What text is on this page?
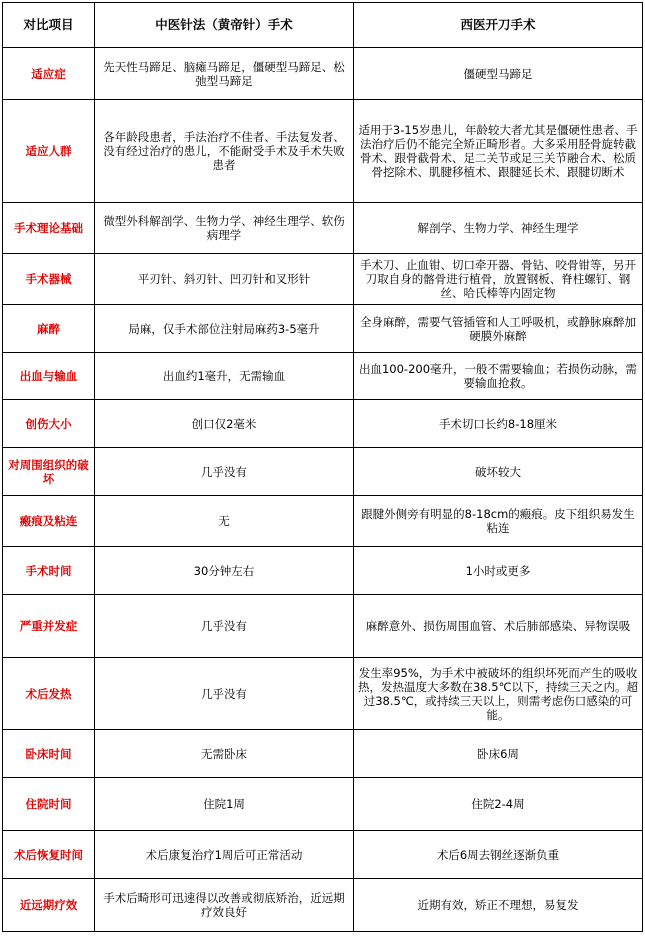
对比项目	中医针法（黄帝针）手术	西医开刀手术
适应症	先天性马蹄足、脑瘫马蹄足，僵硬型马蹄足、松弛型马蹄足	僵硬型马蹄足
适应人群	各年龄段患者，手法治疗不佳者、手法复发者、没有经过治疗的患儿，不能耐受手术及手术失败患者	适用于3-15岁患儿，年龄较大者尤其是僵硬性患者、手法治疗后仍不能完全矫正畸形者。大多采用胫骨旋转截骨术、跟骨截骨术、足二关节或足三关节融合术、松质骨挖除术、肌腱移植术、跟腱延长术、跟腱切断术
手术理论基础	微型外科解剖学、生物力学、神经生理学、软伤病理学	解剖学、生物力学、神经生理学
手术器械	平刃针、斜刃针、凹刃针和叉形针	手术刀、止血钳、切口牵开器、骨钻、咬骨钳等，另开刀取自身的髂骨进行植骨，放置钢板、脊柱螺钉、钢丝、哈氏棒等内固定物
麻醉	局麻，仅手术部位注射局麻药3-5毫升	全身麻醉，需要气管插管和人工呼吸机，或静脉麻醉加硬膜外麻醉
出血与输血	出血约1毫升，无需输血	出血100-200毫升，一般不需要输血；若损伤动脉，需要输血抢救。
创伤大小	创口仅2毫米	手术切口长约8-18厘米
对周围组织的破坏	几乎没有	破坏较大
瘢痕及粘连	无	跟腱外侧旁有明显的8-18cm的瘢痕。皮下组织易发生粘连
手术时间	30分钟左右	1小时或更多
严重并发症	几乎没有	麻醉意外、损伤周围血管、术后肺部感染、异物误吸
术后发热	几乎没有	发生率95%，为手术中被破坏的组织坏死而产生的吸收热，发热温度大多数在38.5℃以下，持续三天之内。超过38.5℃，或持续三天以上，则需考虑伤口感染的可能。
卧床时间	无需卧床	卧床6周
住院时间	住院1周	住院2-4周
术后恢复时间	术后康复治疗1周后可正常活动	术后6周去钢丝逐渐负重
近远期疗效	手术后畸形可迅速得以改善或彻底矫治，近远期疗效良好	近期有效，矫正不理想，易复发
